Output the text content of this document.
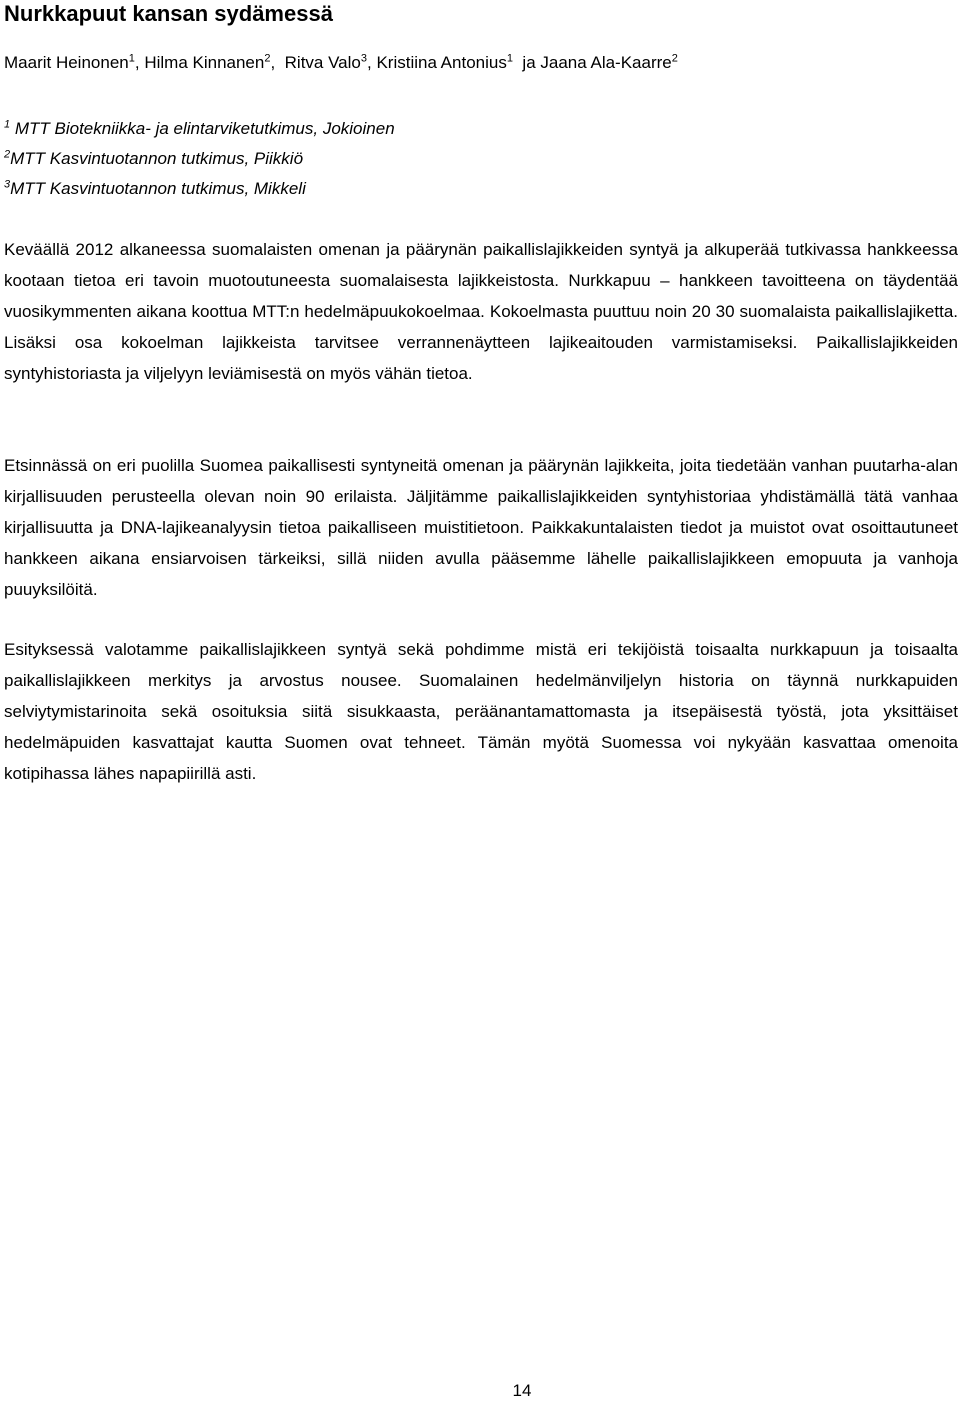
Nurkkapuut kansan sydämessä
Maarit Heinonen$^1$, Hilma Kinnanen$^2$,  Ritva Valo$^3$, Kristiina Antonius$^1$  ja Jaana Ala-Kaarre$^2$
$^1$ MTT Biotekniikka- ja elintarviketutkimus, Jokioinen
$^2$MTT Kasvintuotannon tutkimus, Piikkiö
$^3$MTT Kasvintuotannon tutkimus, Mikkeli

Keväällä 2012 alkaneessa suomalaisten omenan ja päärynän paikallislajikkeiden syntyä ja alkuperää tutkivassa hankkeessa kootaan tietoa eri tavoin muotoutuneesta suomalaisesta lajikkeistosta. Nurkkapuu – hankkeen tavoitteena on täydentää vuosikymmenten aikana koottua MTT:n hedelmäpuukokoelmaa. Kokoelmasta puuttuu noin 20 30 suomalaista paikallislajiketta. Lisäksi osa kokoelman lajikkeista tarvitsee verrannenäytteen lajikeaitouden varmistamiseksi. Paikallislajikkeiden syntyhistoriasta ja viljelyyn leviämisestä on myös vähän tietoa.

Etsinnässä on eri puolilla Suomea paikallisesti syntyneitä omenan ja päärynän lajikkeita, joita tiedetään vanhan puutarha-alan kirjallisuuden perusteella olevan noin 90 erilaista. Jäljitämme paikallislajikkeiden syntyhistoriaa yhdistämällä tätä vanhaa kirjallisuutta ja DNA-lajikeanalyysin tietoa paikalliseen muistitietoon. Paikkakuntalaisten tiedot ja muistot ovat osoittautuneet hankkeen aikana ensiarvoisen tärkeiksi, sillä niiden avulla pääsemme lähelle paikallislajikkeen emopuuta ja vanhoja puuyksilöitä.

Esityksessä valotamme paikallislajikkeen syntyä sekä pohdimme mistä eri tekijöistä toisaalta nurkkapuun ja toisaalta paikallislajikkeen merkitys ja arvostus nousee. Suomalainen hedelmänviljelyn historia on täynnä nurkkapuiden selviytymistarinoita sekä osoituksia siitä sisukkaasta, peräänantamattomasta ja itsepäisestä työstä, jota yksittäiset hedelmäpuiden kasvattajat kautta Suomen ovat tehneet. Tämän myötä Suomessa voi nykyään kasvattaa omenoita kotipihassa lähes napapiirillä asti.

14
